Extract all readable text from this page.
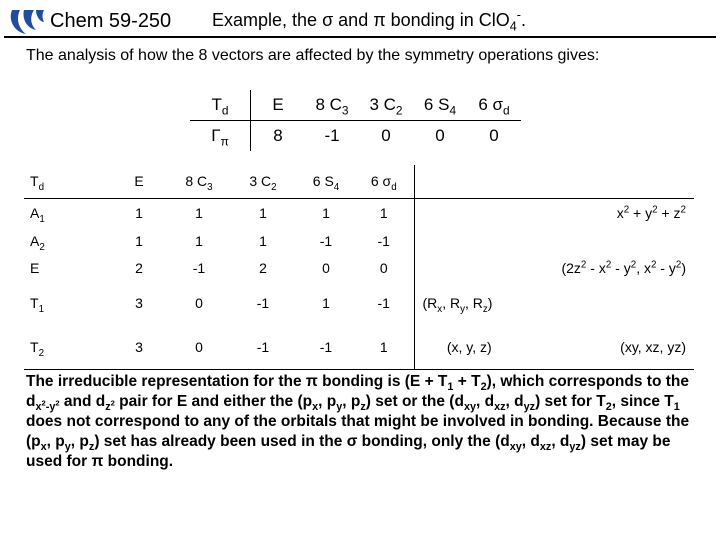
Chem 59-250 Example, the σ and π bonding in ClO$_4$-.
The analysis of how the 8 vectors are affected by the symmetry operations gives:
$T_d$	E	8 $C_3$	3 $C_2$	6 $S_4$	6 $\sigma_d$
$\Gamma_\pi$	8	-1	0	0	0
$T_d$	E	8 $C_3$	3 $C_2$	6 $S_4$	6 $\sigma_d$		
$A_1$	1	1	1	1	1		$x^2 + y^2 + z^2$
$A_2$	1	1	1	-1	-1		
E	2	-1	2	0	0		($2z^2 - x^2 - y^2$, $x^2 - y^2$)
$T_1$	3	0	-1	1	-1	($R_x$, $R_y$, $R_z$)	
$T_2$	3	0	-1	-1	1	(x, y, z)	(xy, xz, yz)
The irreducible representation for the π bonding is $(E + T_1 + T_2)$, which corresponds to the $d_{x^2-y^2}$ and $d_{z^2}$ pair for E and either the ($p_x$, $p_y$, $p_z$) set or the ($d_{xy}$, $d_{xz}$, $d_{yz}$) set for $T_2$, since $T_1$ does not correspond to any of the orbitals that might be involved in bonding. Because the ($p_x$, $p_y$, $p_z$) set has already been used in the σ bonding, only the ($d_{xy}$, $d_{xz}$, $d_{yz}$) set may be used for π bonding.
